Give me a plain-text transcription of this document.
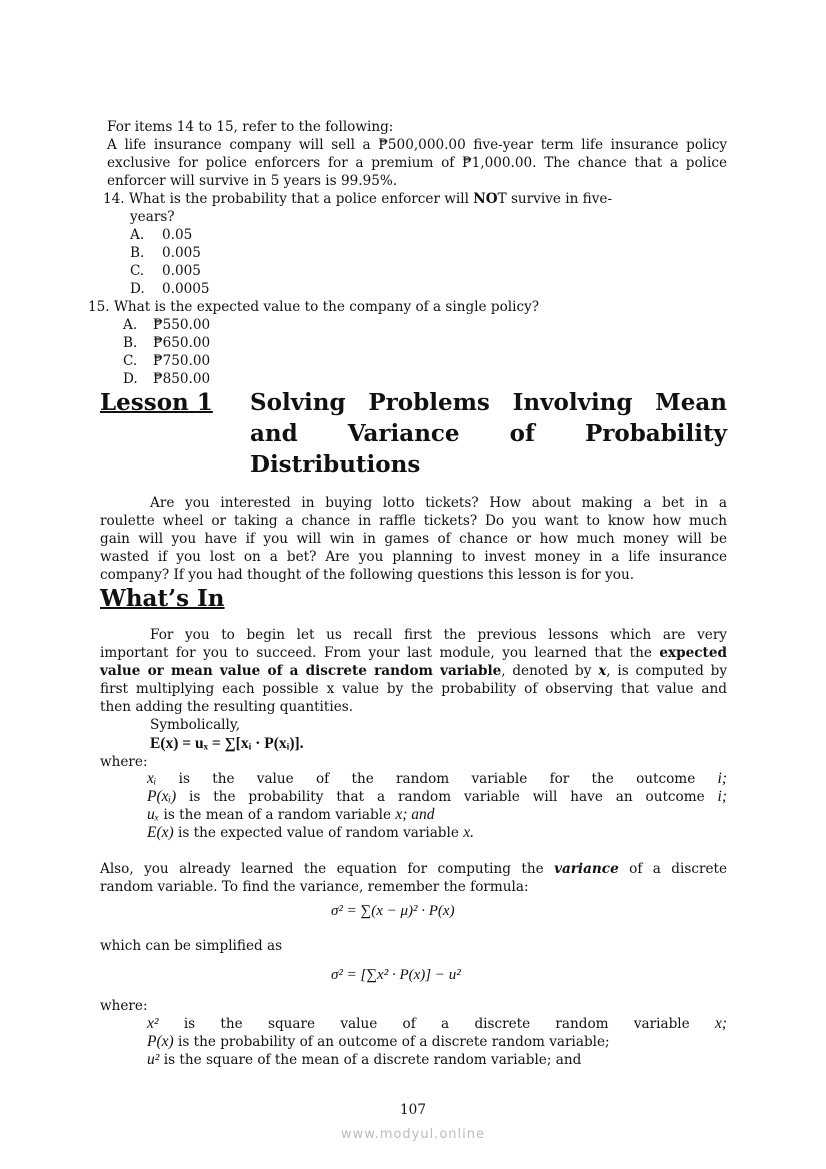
For items 14 to 15, refer to the following:
A life insurance company will sell a ₱500,000.00 five-year term life insurance policy
exclusive for police enforcers for a premium of ₱1,000.00. The chance that a police
enforcer will survive in 5 years is 99.95%.
14. What is the probability that a police enforcer will NOT survive in five-
years?
A. 0.05
B. 0.005
C. 0.005
D. 0.0005
15. What is the expected value to the company of a single policy?
A. ₱550.00
B. ₱650.00
C. ₱750.00
D. ₱850.00
Lesson 1	Solving Problems Involving Mean
and Variance of Probability
Distributions
Are you interested in buying lotto tickets? How about making a bet in a
roulette wheel or taking a chance in raffle tickets? Do you want to know how much
gain will you have if you will win in games of chance or how much money will be
wasted if you lost on a bet? Are you planning to invest money in a life insurance
company? If you had thought of the following questions this lesson is for you.
What’s In
For you to begin let us recall first the previous lessons which are very
important for you to succeed. From your last module, you learned that the expected
value or mean value of a discrete random variable, denoted by x, is computed by
first multiplying each possible x value by the probability of observing that value and
then adding the resulting quantities.
Symbolically,
E(x) = uₓ = ∑[xᵢ · P(xᵢ)].
where:
xᵢ is the value of the random variable for the outcome i;
P(xᵢ) is the probability that a random variable will have an outcome i;
uₓ is the mean of a random variable x; and
E(x) is the expected value of random variable x.
Also, you already learned the equation for computing the variance of a discrete
random variable. To find the variance, remember the formula:
σ² = ∑(x − μ)² · P(x)
which can be simplified as
σ² = [∑x² · P(x)] − u²
where:
x² is the square value of a discrete random variable x;
P(x) is the probability of an outcome of a discrete random variable;
u² is the square of the mean of a discrete random variable; and
107
www.modyul.online
